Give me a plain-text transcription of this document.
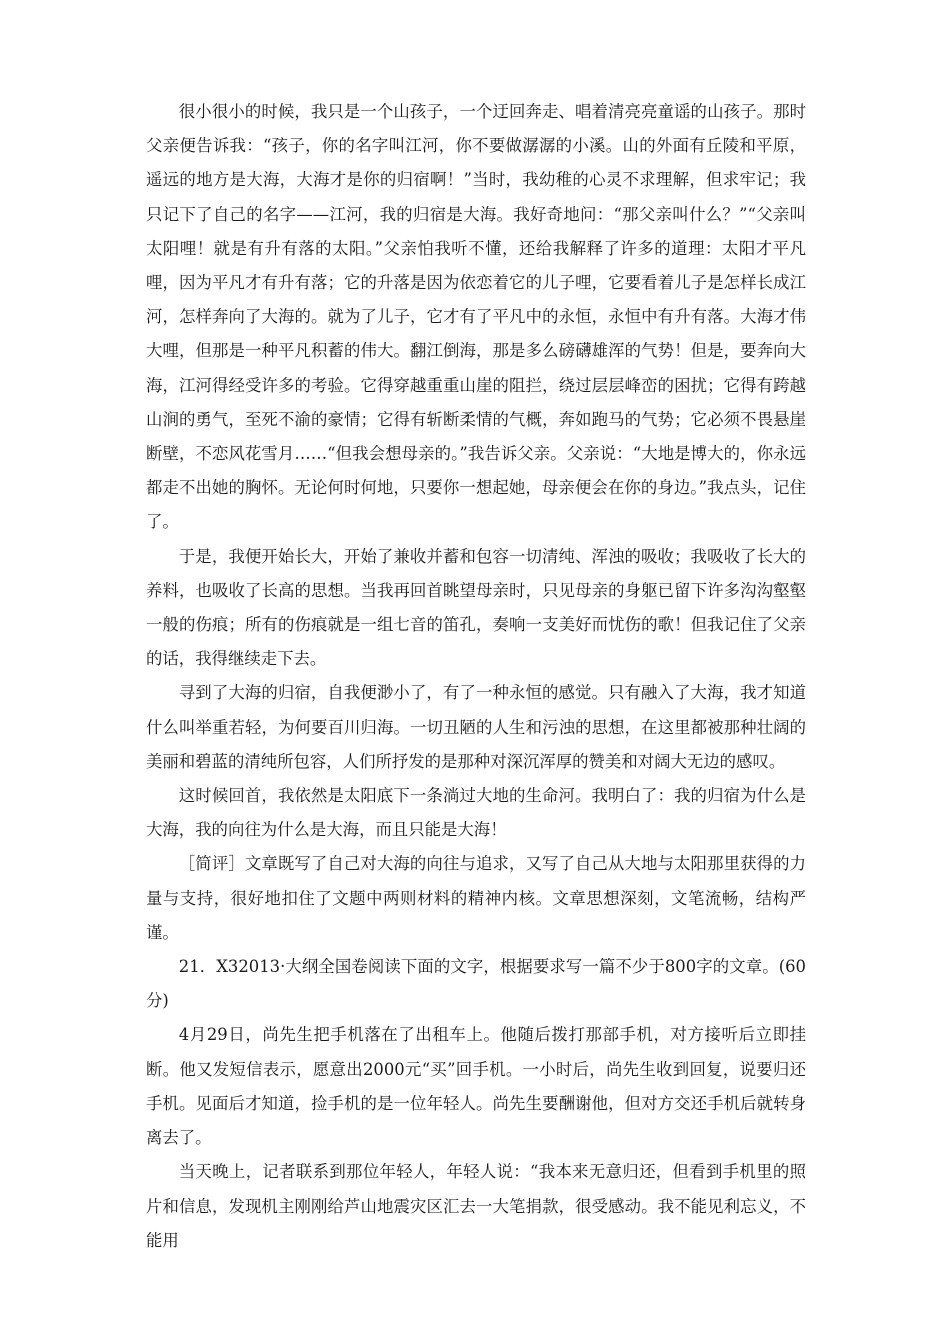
很小很小的时候，我只是一个山孩子，一个迂回奔走、唱着清亮亮童谣的山孩子。那时父亲便告诉我：“孩子，你的名字叫江河，你不要做潺潺的小溪。山的外面有丘陵和平原，遥远的地方是大海，大海才是你的归宿啊！”当时，我幼稚的心灵不求理解，但求牢记；我只记下了自己的名字——江河，我的归宿是大海。我好奇地问：“那父亲叫什么？”“父亲叫太阳哩！就是有升有落的太阳。”父亲怕我听不懂，还给我解释了许多的道理：太阳才平凡哩，因为平凡才有升有落；它的升落是因为依恋着它的儿子哩，它要看着儿子是怎样长成江河，怎样奔向了大海的。就为了儿子，它才有了平凡中的永恒，永恒中有升有落。大海才伟大哩，但那是一种平凡积蓄的伟大。翻江倒海，那是多么磅礴雄浑的气势！但是，要奔向大海，江河得经受许多的考验。它得穿越重重山崖的阻拦，绕过层层峰峦的困扰；它得有跨越山涧的勇气，至死不渝的豪情；它得有斩断柔情的气概，奔如跑马的气势；它必须不畏悬崖断壁，不恋风花雪月……“但我会想母亲的。”我告诉父亲。父亲说：“大地是博大的，你永远都走不出她的胸怀。无论何时何地，只要你一想起她，母亲便会在你的身边。”我点头，记住了。

于是，我便开始长大，开始了兼收并蓄和包容一切清纯、浑浊的吸收；我吸收了长大的养料，也吸收了长高的思想。当我再回首眺望母亲时，只见母亲的身躯已留下许多沟沟壑壑一般的伤痕；所有的伤痕就是一组七音的笛孔，奏响一支美好而忧伤的歌！但我记住了父亲的话，我得继续走下去。

寻到了大海的归宿，自我便渺小了，有了一种永恒的感觉。只有融入了大海，我才知道什么叫举重若轻，为何要百川归海。一切丑陋的人生和污浊的思想，在这里都被那种壮阔的美丽和碧蓝的清纯所包容，人们所抒发的是那种对深沉浑厚的赞美和对阔大无边的感叹。

这时候回首，我依然是太阳底下一条淌过大地的生命河。我明白了：我的归宿为什么是大海，我的向往为什么是大海，而且只能是大海！

［简评］文章既写了自己对大海的向往与追求，又写了自己从大地与太阳那里获得的力量与支持，很好地扣住了文题中两则材料的精神内核。文章思想深刻，文笔流畅，结构严谨。

21．X32013·大纲全国卷阅读下面的文字，根据要求写一篇不少于800字的文章。(60分)

4月29日，尚先生把手机落在了出租车上。他随后拨打那部手机，对方接听后立即挂断。他又发短信表示，愿意出2000元“买”回手机。一小时后，尚先生收到回复，说要归还手机。见面后才知道，捡手机的是一位年轻人。尚先生要酬谢他，但对方交还手机后就转身离去了。

当天晚上，记者联系到那位年轻人，年轻人说：“我本来无意归还，但看到手机里的照片和信息，发现机主刚刚给芦山地震灾区汇去一大笔捐款，很受感动。我不能见利忘义，不能用
